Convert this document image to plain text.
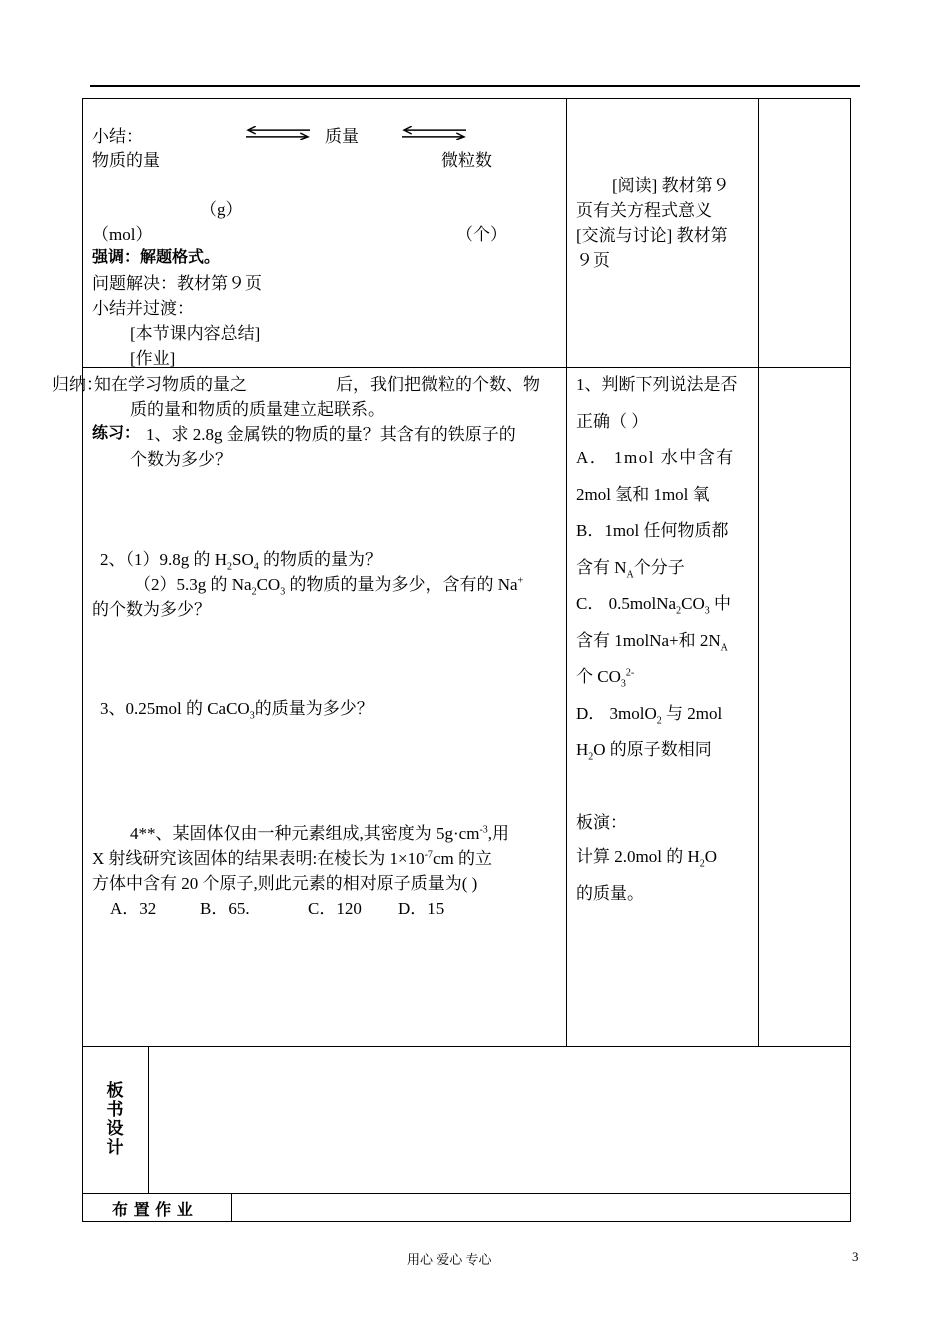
小结：	质量
物质的量	微粒数
（g）
（mol）	（个）
强调：解题格式。
问题解决：教材第９页
小结并过渡：
[本节课内容总结]
[作业]
[阅读] 教材第９
页有关方程式意义
[交流与讨论] 教材第
９页
归纳：
知在学习物质的量之	后，我们把微粒的个数、物
质的量和物质的质量建立起联系。
练习： 1、求 2.8g 金属铁的物质的量？其含有的铁原子的
个数为多少？
2、（1）9.8g 的 $H_2SO_4$ 的物质的量为？
（2）5.3g 的 $Na_2CO_3$ 的物质的量为多少，含有的 Na+
的个数为多少？
3、0.25mol 的 CaCO$_3$的质量为多少？
4**、某固体仅由一种元素组成,其密度为 $5g\cdot cm^{-3}$,用
X 射线研究该固体的结果表明:在棱长为 $1\times 10^{-7}cm$ 的立
方体中含有 20 个原子,则此元素的相对原子质量为( )
A．32	B．65.	C．120 D．15
1、判断下列说法是否
正确（ ）
A． 1mol 水中含有
2mol 氢和 1mol 氧
B．1mol 任何物质都
含有 $N_A$个分子
C． $0.5molNa_2CO_3$ 中
含有 1molNa+和 $2N_A$
个 $CO_3^{2-}$
D． 3molO$_2$ 与 2mol
$H_2O$ 的原子数相同
板演：
计算 2.0mol 的 $H_2O$
的质量。
板
书
设
计
布 置 作 业
用心 爱心 专心	3
